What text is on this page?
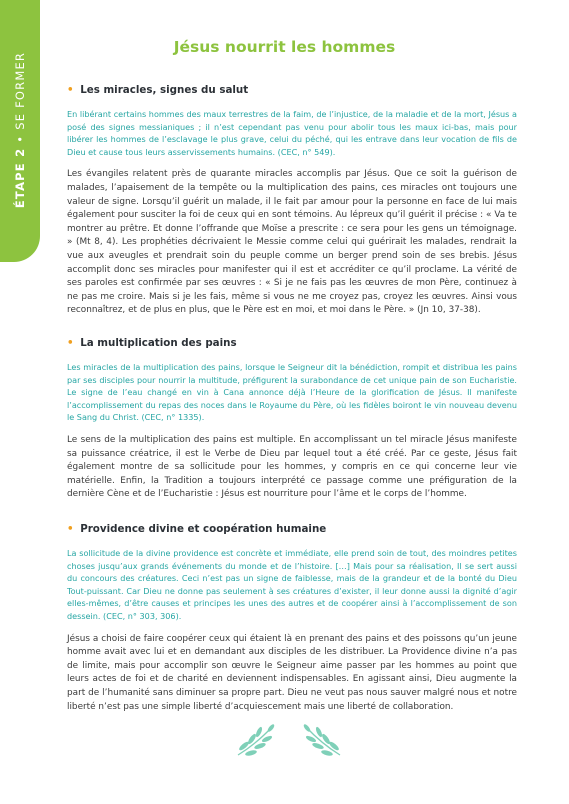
ÉTAPE 2•SE FORMER
Jésus nourrit les hommes
• Les miracles, signes du salut

En libérant certains hommes des maux terrestres de la faim, de l’injustice, de la maladie et de la mort, Jésus a posé des signes messianiques ; il n’est cependant pas venu pour abolir tous les maux ici-bas, mais pour libérer les hommes de l’esclavage le plus grave, celui du péché, qui les entrave dans leur vocation de fils de Dieu et cause tous leurs asservissements humains. (CEC, n° 549).

Les évangiles relatent près de quarante miracles accomplis par Jésus. Que ce soit la guérison de malades, l’apaisement de la tempête ou la multiplication des pains, ces miracles ont toujours une valeur de signe. Lorsqu’il guérit un malade, il le fait par amour pour la personne en face de lui mais également pour susciter la foi de ceux qui en sont témoins. Au lépreux qu’il guérit il précise : « Va te montrer au prêtre. Et donne l’offrande que Moïse a prescrite : ce sera pour les gens un témoignage. » (Mt 8, 4). Les prophéties décrivaient le Messie comme celui qui guérirait les malades, rendrait la vue aux aveugles et prendrait soin du peuple comme un berger prend soin de ses brebis. Jésus accomplit donc ses miracles pour manifester qui il est et accréditer ce qu’il proclame. La vérité de ses paroles est confirmée par ses œuvres : « Si je ne fais pas les œuvres de mon Père, continuez à ne pas me croire. Mais si je les fais, même si vous ne me croyez pas, croyez les œuvres. Ainsi vous reconnaîtrez, et de plus en plus, que le Père est en moi, et moi dans le Père. » (Jn 10, 37-38).

• La multiplication des pains

Les miracles de la multiplication des pains, lorsque le Seigneur dit la bénédiction, rompit et distribua les pains par ses disciples pour nourrir la multitude, préfigurent la surabondance de cet unique pain de son Eucharistie. Le signe de l’eau changé en vin à Cana annonce déjà l’Heure de la glorification de Jésus. Il manifeste l’accomplissement du repas des noces dans le Royaume du Père, où les fidèles boiront le vin nouveau devenu le Sang du Christ. (CEC, n° 1335).

Le sens de la multiplication des pains est multiple. En accomplissant un tel miracle Jésus manifeste sa puissance créatrice, il est le Verbe de Dieu par lequel tout a été créé. Par ce geste, Jésus fait également montre de sa sollicitude pour les hommes, y compris en ce qui concerne leur vie matérielle. Enfin, la Tradition a toujours interprété ce passage comme une préfiguration de la dernière Cène et de l’Eucharistie : Jésus est nourriture pour l’âme et le corps de l’homme.

• Providence divine et coopération humaine

La sollicitude de la divine providence est concrète et immédiate, elle prend soin de tout, des moindres petites choses jusqu’aux grands événements du monde et de l’histoire. […] Mais pour sa réalisation, Il se sert aussi du concours des créatures. Ceci n’est pas un signe de faiblesse, mais de la grandeur et de la bonté du Dieu Tout-puissant. Car Dieu ne donne pas seulement à ses créatures d’exister, il leur donne aussi la dignité d’agir elles-mêmes, d’être causes et principes les unes des autres et de coopérer ainsi à l’accomplissement de son dessein. (CEC, n° 303, 306).

Jésus a choisi de faire coopérer ceux qui étaient là en prenant des pains et des poissons qu’un jeune homme avait avec lui et en demandant aux disciples de les distribuer. La Providence divine n’a pas de limite, mais pour accomplir son œuvre le Seigneur aime passer par les hommes au point que leurs actes de foi et de charité en deviennent indispensables. En agissant ainsi, Dieu augmente la part de l’humanité sans diminuer sa propre part. Dieu ne veut pas nous sauver malgré nous et notre liberté n’est pas une simple liberté d’acquiescement mais une liberté de collaboration.
